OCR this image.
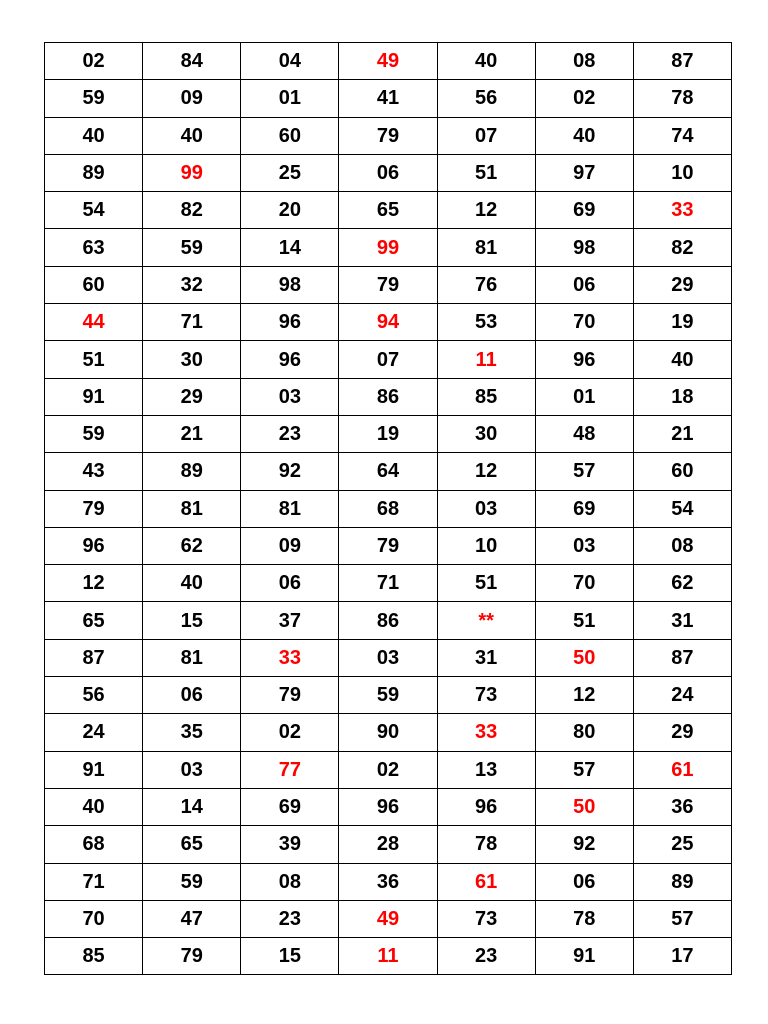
02	84	04	49	40	08	87
59	09	01	41	56	02	78
40	40	60	79	07	40	74
89	99	25	06	51	97	10
54	82	20	65	12	69	33
63	59	14	99	81	98	82
60	32	98	79	76	06	29
44	71	96	94	53	70	19
51	30	96	07	11	96	40
91	29	03	86	85	01	18
59	21	23	19	30	48	21
43	89	92	64	12	57	60
79	81	81	68	03	69	54
96	62	09	79	10	03	08
12	40	06	71	51	70	62
65	15	37	86	**	51	31
87	81	33	03	31	50	87
56	06	79	59	73	12	24
24	35	02	90	33	80	29
91	03	77	02	13	57	61
40	14	69	96	96	50	36
68	65	39	28	78	92	25
71	59	08	36	61	06	89
70	47	23	49	73	78	57
85	79	15	11	23	91	17
